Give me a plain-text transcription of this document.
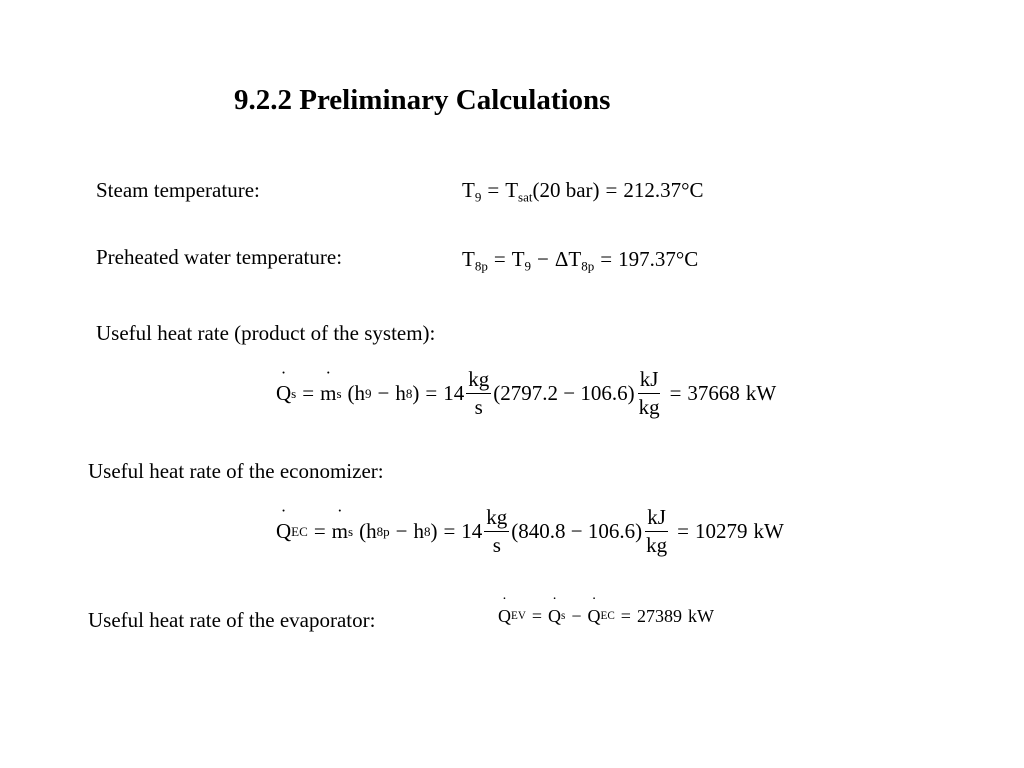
9.2.2 Preliminary Calculations
Steam temperature:	$T_9 = T_{sat}$ (20 bar) = 212.37°C
Preheated water temperature:	$T_{8p} = T_9 - \Delta T_{8p} = 197.37^\circ C$
Useful heat rate (product of the system):
˙ Q s = ˙ m s (h 9 − h 8 ) = $14 \frac{kg}{s} (2797.2 - 106.6) \frac{kJ}{kg} = 37668$ kW
Useful heat rate of the economizer:
˙ Q EC = ˙ m s (h 8p − h 8 ) = $14 \frac{kg}{s} (840.8 - 106.6) \frac{kJ}{kg} = 10279$ kW
Useful heat rate of the evaporator:	˙ Q EV = ˙ Q s − ˙ Q EC = 27389 kW
